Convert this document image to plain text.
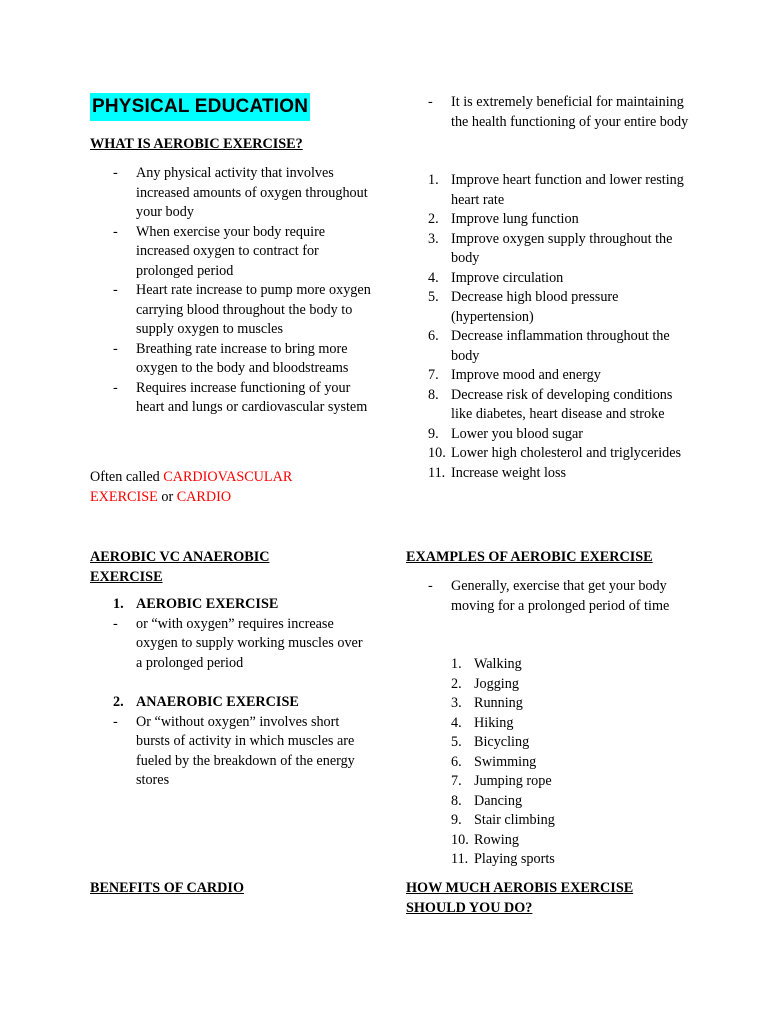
PHYSICAL EDUCATION
WHAT IS AEROBIC EXERCISE?
- Any physical activity that involves increased amounts of oxygen throughout your body
- When exercise your body require increased oxygen to contract for prolonged period
- Heart rate increase to pump more oxygen carrying blood throughout the body to supply oxygen to muscles
- Breathing rate increase to bring more oxygen to the body and bloodstreams
- Requires increase functioning of your heart and lungs or cardiovascular system
Often called CARDIOVASCULAR EXERCISE or CARDIO
AEROBIC VC ANAEROBIC EXERCISE
1. AEROBIC EXERCISE
- or “with oxygen” requires increase oxygen to supply working muscles over a prolonged period
2. ANAEROBIC EXERCISE
- Or “without oxygen” involves short bursts of activity in which muscles are fueled by the breakdown of the energy stores
BENEFITS OF CARDIO
- It is extremely beneficial for maintaining the health functioning of your entire body
1. Improve heart function and lower resting heart rate
2. Improve lung function
3. Improve oxygen supply throughout the body
4. Improve circulation
5. Decrease high blood pressure (hypertension)
6. Decrease inflammation throughout the body
7. Improve mood and energy
8. Decrease risk of developing conditions like diabetes, heart disease and stroke
9. Lower you blood sugar
10. Lower high cholesterol and triglycerides
11. Increase weight loss
EXAMPLES OF AEROBIC EXERCISE
- Generally, exercise that get your body moving for a prolonged period of time
1. Walking
2. Jogging
3. Running
4. Hiking
5. Bicycling
6. Swimming
7. Jumping rope
8. Dancing
9. Stair climbing
10. Rowing
11. Playing sports
HOW MUCH AEROBIS EXERCISE SHOULD YOU DO?
